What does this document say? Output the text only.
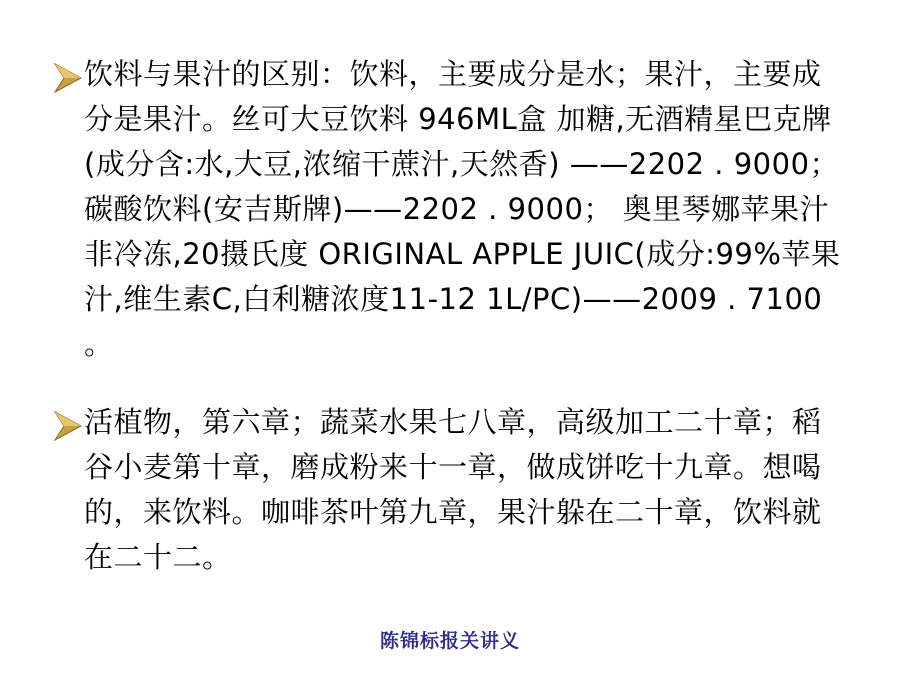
饮料与果汁的区别：饮料，主要成分是水；果汁，主要成分是果汁。丝可大豆饮料 946ML盒 加糖,无酒精星巴克牌(成分含:水,大豆,浓缩干蔗汁,天然香) ——2202 . 9000； 碳酸饮料(安吉斯牌)——2202 . 9000； 奥里琴娜苹果汁 非冷冻,20摄氏度 ORIGINAL APPLE JUIC(成分:99%苹果汁,维生素C,白利糖浓度11-12 1L/PC)——2009 . 7100 。
活植物，第六章；蔬菜水果七八章，高级加工二十章；稻谷小麦第十章，磨成粉来十一章，做成饼吃十九章。想喝的，来饮料。咖啡茶叶第九章，果汁躲在二十章，饮料就在二十二。
陈锦标报关讲义
